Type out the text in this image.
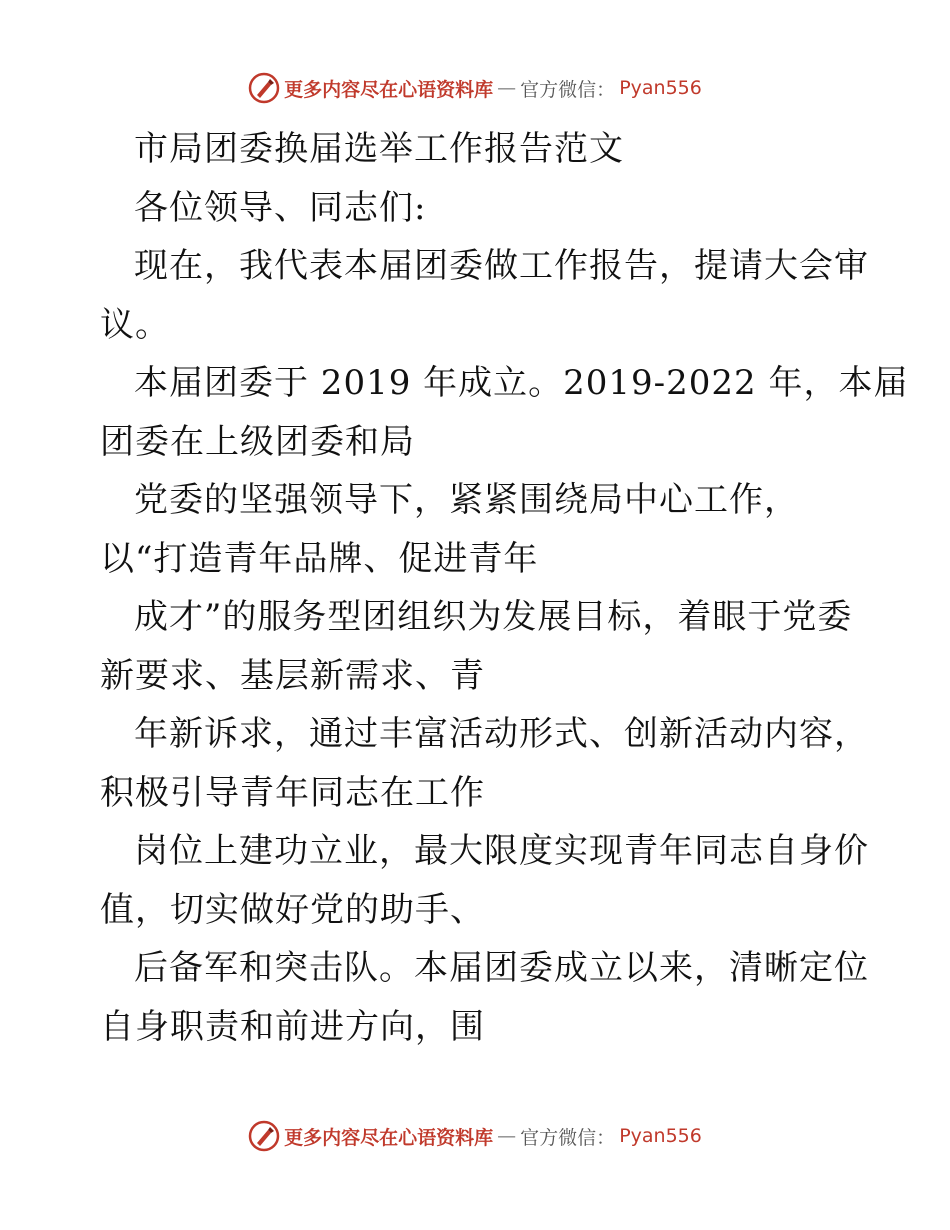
更多内容尽在心语资料库 — 官方微信： Pyan556
市局团委换届选举工作报告范文
各位领导、同志们:
现在，我代表本届团委做工作报告，提请大会审
议。
本届团委于 2019 年成立。2019-2022 年，本届
团委在上级团委和局
党委的坚强领导下，紧紧围绕局中心工作，
以“打造青年品牌、促进青年
成才”的服务型团组织为发展目标，着眼于党委
新要求、基层新需求、青
年新诉求，通过丰富活动形式、创新活动内容，
积极引导青年同志在工作
岗位上建功立业，最大限度实现青年同志自身价
值，切实做好党的助手、
后备军和突击队。本届团委成立以来，清晰定位
自身职责和前进方向，围
更多内容尽在心语资料库 — 官方微信： Pyan556
